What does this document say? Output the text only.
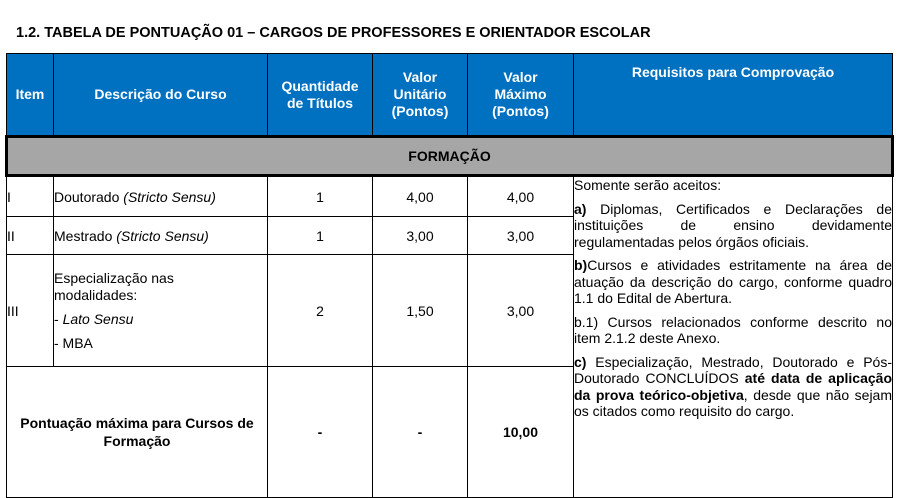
1.2. TABELA DE PONTUAÇÃO 01 – CARGOS DE PROFESSORES E ORIENTADOR ESCOLAR
Item	Descrição do Curso	Quantidade
de Títulos	Valor
Unitário
(Pontos)	Valor
Máximo
(Pontos)	Requisitos para Comprovação
FORMAÇÃO					
I	Doutorado (Stricto Sensu)	1	4,00	4,00	Somente serão aceitos:

a) Diplomas, Certificados e Declarações de instituições de ensino devidamente regulamentadas pelos órgãos oficiais.

b)Cursos e atividades estritamente na área de atuação da descrição do cargo, conforme quadro 1.1 do Edital de Abertura.

b.1) Cursos relacionados conforme descrito no item 2.1.2 deste Anexo.

c) Especialização, Mestrado, Doutorado e Pós-Doutorado CONCLUÍDOS até data de aplicação da prova teórico-objetiva, desde que não sejam os citados como requisito do cargo.

II	Mestrado (Stricto Sensu)	1	3,00	3,00	
III	Especialização nas
modalidades:
- Lato Sensu
- MBA	2	1,50	3,00	
Pontuação máxima para Cursos de Formação		-	-	10,00	
